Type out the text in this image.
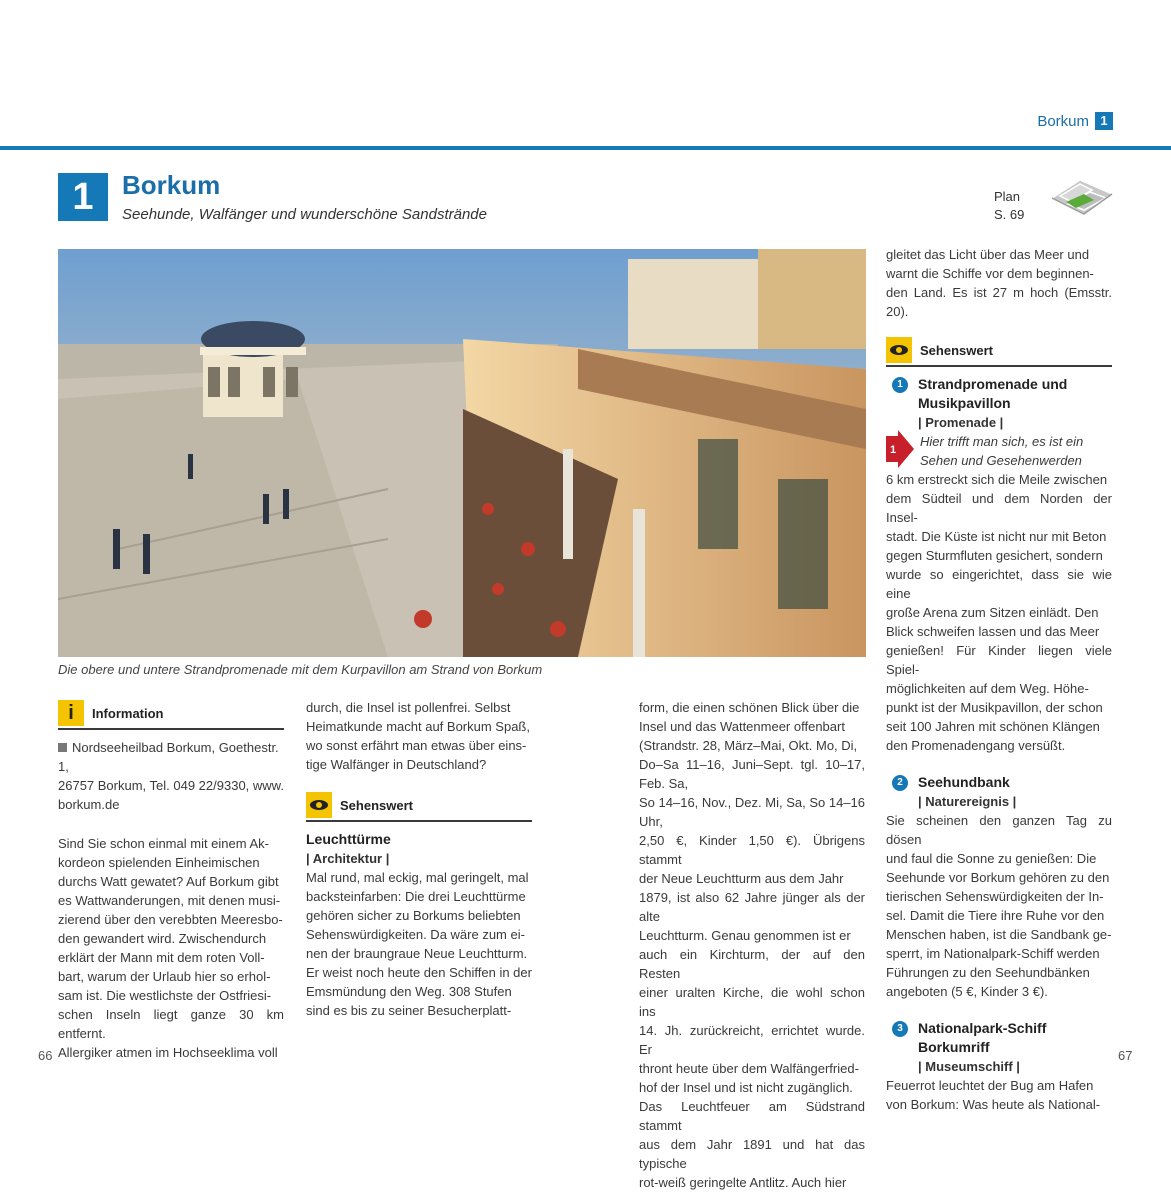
Borkum 1
1	Borkum
Seehunde, Walfänger und wunderschöne Sandstrände
Plan
S. 69
Die obere und untere Strandpromenade mit dem Kurpavillon am Strand von Borkum
i Information

Nordseeheilbad Borkum, Goethestr. 1,

26757 Borkum, Tel. 049 22/9330, www.

borkum.de

Sind Sie schon einmal mit einem Ak-

kordeon spielenden Einheimischen

durchs Watt gewatet? Auf Borkum gibt

es Wattwanderungen, mit denen musi-

zierend über den verebbten Meeresbo-

den gewandert wird. Zwischendurch

erklärt der Mann mit dem roten Voll-

bart, warum der Urlaub hier so erhol-

sam ist. Die westlichste der Ostfriesi-

schen Inseln liegt ganze 30 km entfernt.

Allergiker atmen im Hochseeklima voll

durch, die Insel ist pollenfrei. Selbst

Heimatkunde macht auf Borkum Spaß,

wo sonst erfährt man etwas über eins-

tige Walfänger in Deutschland?

Sehenswert
Leuchttürme
| Architektur |

Mal rund, mal eckig, mal geringelt, mal

backsteinfarben: Die drei Leuchttürme

gehören sicher zu Borkums beliebten

Sehenswürdigkeiten. Da wäre zum ei-

nen der braungraue Neue Leuchtturm.

Er weist noch heute den Schiffen in der

Emsmündung den Weg. 308 Stufen

sind es bis zu seiner Besucherplatt-

form, die einen schönen Blick über die

Insel und das Wattenmeer offenbart

(Strandstr. 28, März–Mai, Okt. Mo, Di,

Do–Sa 11–16, Juni–Sept. tgl. 10–17, Feb. Sa,

So 14–16, Nov., Dez. Mi, Sa, So 14–16 Uhr,

2,50 €, Kinder 1,50 €). Übrigens stammt

der Neue Leuchtturm aus dem Jahr

1879, ist also 62 Jahre jünger als der alte

Leuchtturm. Genau genommen ist er

auch ein Kirchturm, der auf den Resten

einer uralten Kirche, die wohl schon ins

14. Jh. zurückreicht, errichtet wurde. Er

thront heute über dem Walfängerfried-

hof der Insel und ist nicht zugänglich.

Das Leuchtfeuer am Südstrand stammt

aus dem Jahr 1891 und hat das typische

rot-weiß geringelte Antlitz. Auch hier

gleitet das Licht über das Meer und

warnt die Schiffe vor dem beginnen-

den Land. Es ist 27 m hoch (Emsstr. 20).

Sehenswert
1	Strandpromenade und
Musikpavillon
| Promenade |
1

Hier trifft man sich, es ist ein

Sehen und Gesehenwerden

6 km erstreckt sich die Meile zwischen

dem Südteil und dem Norden der Insel-

stadt. Die Küste ist nicht nur mit Beton

gegen Sturmfluten gesichert, sondern

wurde so eingerichtet, dass sie wie eine

große Arena zum Sitzen einlädt. Den

Blick schweifen lassen und das Meer

genießen! Für Kinder liegen viele Spiel-

möglichkeiten auf dem Weg. Höhe-

punkt ist der Musikpavillon, der schon

seit 100 Jahren mit schönen Klängen

den Promenadengang versüßt.

2	Seehundbank
| Naturereignis |

Sie scheinen den ganzen Tag zu dösen

und faul die Sonne zu genießen: Die

Seehunde vor Borkum gehören zu den

tierischen Sehenswürdigkeiten der In-

sel. Damit die Tiere ihre Ruhe vor den

Menschen haben, ist die Sandbank ge-

sperrt, im Nationalpark-Schiff werden

Führungen zu den Seehundbänken

angeboten (5 €, Kinder 3 €).

3	Nationalpark-Schiff
Borkumriff
| Museumschiff |

Feuerrot leuchtet der Bug am Hafen

von Borkum: Was heute als National-

66	67
